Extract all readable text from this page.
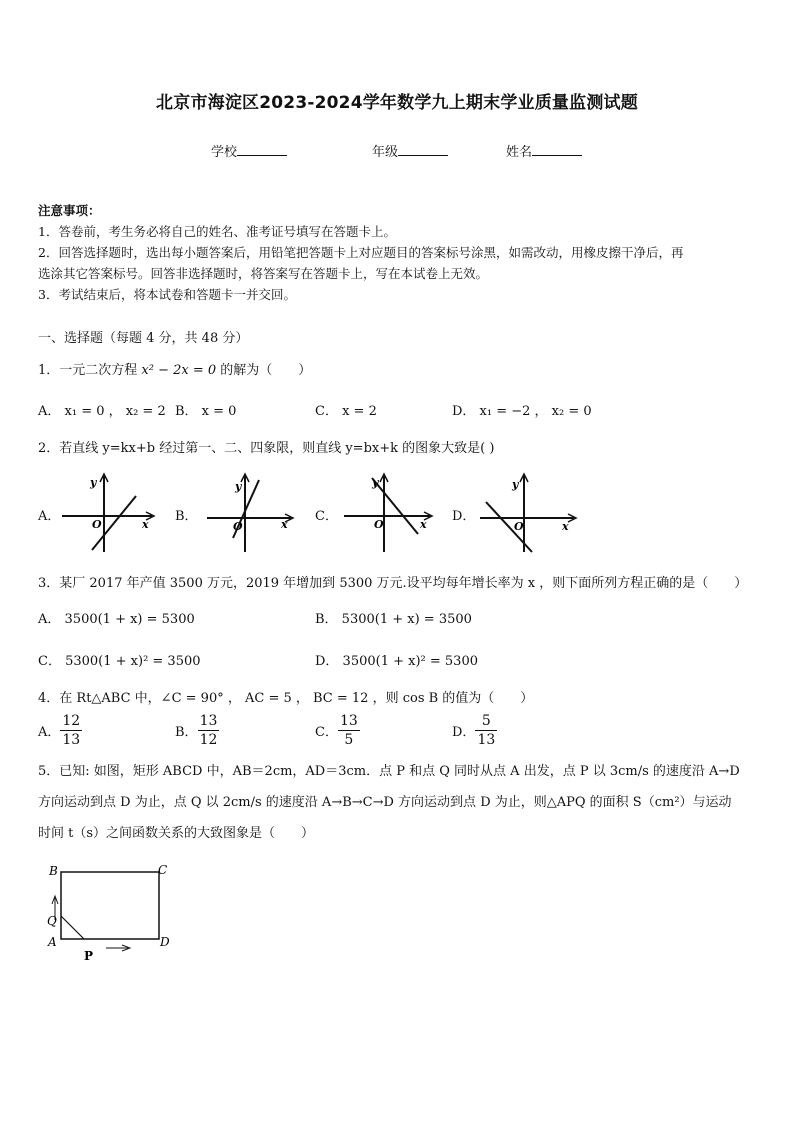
北京市海淀区2023-2024学年数学九上期末学业质量监测试题
学校	年级	姓名
注意事项：
1．答卷前，考生务必将自己的姓名、准考证号填写在答题卡上。
2．回答选择题时，选出每小题答案后，用铅笔把答题卡上对应题目的答案标号涂黑，如需改动，用橡皮擦干净后，再
选涂其它答案标号。回答非选择题时，将答案写在答题卡上，写在本试卷上无效。
3．考试结束后，将本试卷和答题卡一并交回。
一、选择题（每题 4 分，共 48 分）
1．一元二次方程 x² − 2x = 0 的解为（　　）
A． x₁ = 0 ， x₂ = 2 B． x = 0	C． x = 2	D． x₁ = −2 ， x₂ = 0
2．若直线 y=kx+b 经过第一、二、四象限，则直线 y=bx+k 的图象大致是( )
A．	B．	C．	D．
y
O	x
y
O	x
y
O	x
y
O	x
3．某厂 2017 年产值 3500 万元，2019 年增加到 5300 万元.设平均每年增长率为 x ，则下面所列方程正确的是（　　）
A． 3500(1 + x) = 5300	B． 5300(1 + x) = 3500
C． 5300(1 + x)² = 3500	D． 3500(1 + x)² = 5300
4．在 Rt△ABC 中，∠C = 90° ， AC = 5 ， BC = 12 ，则 cos B 的值为（　　）
A． $\frac{12}{13}$	B． $\frac{13}{12}$	C． $\frac{13}{5}$	D． $\frac{5}{13}$
5．已知: 如图，矩形 ABCD 中，AB＝2cm，AD＝3cm．点 P 和点 Q 同时从点 A 出发，点 P 以 3cm/s 的速度沿 A→D
方向运动到点 D 为止，点 Q 以 2cm/s 的速度沿 A→B→C→D 方向运动到点 D 为止，则△APQ 的面积 S（cm²）与运动
时间 t（s）之间函数关系的大致图象是（　　）
B	C
Q
A	D
P
